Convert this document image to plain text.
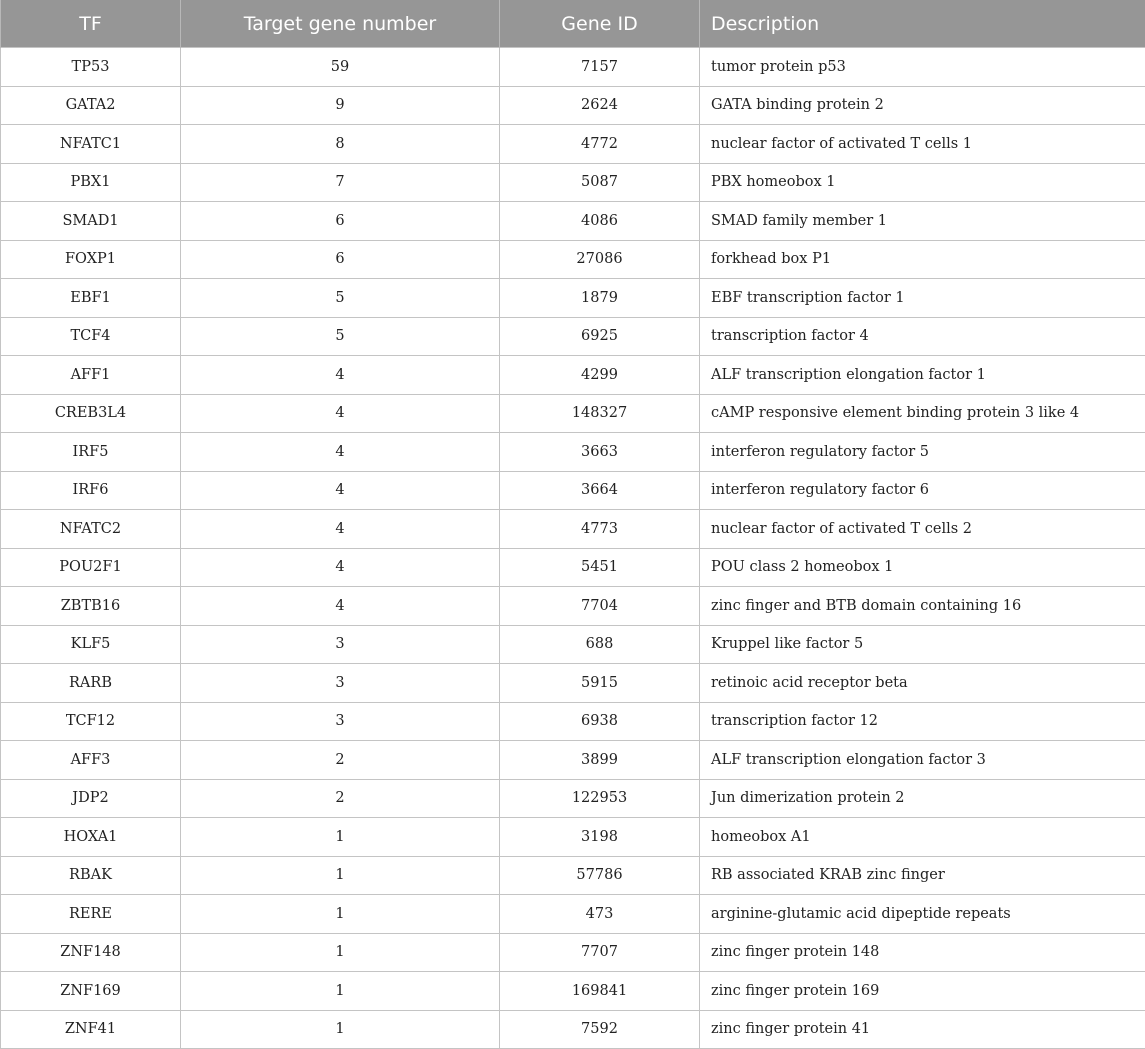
TF	Target gene number	Gene ID	Description
TP53	59	7157	tumor protein p53
GATA2	9	2624	GATA binding protein 2
NFATC1	8	4772	nuclear factor of activated T cells 1
PBX1	7	5087	PBX homeobox 1
SMAD1	6	4086	SMAD family member 1
FOXP1	6	27086	forkhead box P1
EBF1	5	1879	EBF transcription factor 1
TCF4	5	6925	transcription factor 4
AFF1	4	4299	ALF transcription elongation factor 1
CREB3L4	4	148327	cAMP responsive element binding protein 3 like 4
IRF5	4	3663	interferon regulatory factor 5
IRF6	4	3664	interferon regulatory factor 6
NFATC2	4	4773	nuclear factor of activated T cells 2
POU2F1	4	5451	POU class 2 homeobox 1
ZBTB16	4	7704	zinc finger and BTB domain containing 16
KLF5	3	688	Kruppel like factor 5
RARB	3	5915	retinoic acid receptor beta
TCF12	3	6938	transcription factor 12
AFF3	2	3899	ALF transcription elongation factor 3
JDP2	2	122953	Jun dimerization protein 2
HOXA1	1	3198	homeobox A1
RBAK	1	57786	RB associated KRAB zinc finger
RERE	1	473	arginine-glutamic acid dipeptide repeats
ZNF148	1	7707	zinc finger protein 148
ZNF169	1	169841	zinc finger protein 169
ZNF41	1	7592	zinc finger protein 41
